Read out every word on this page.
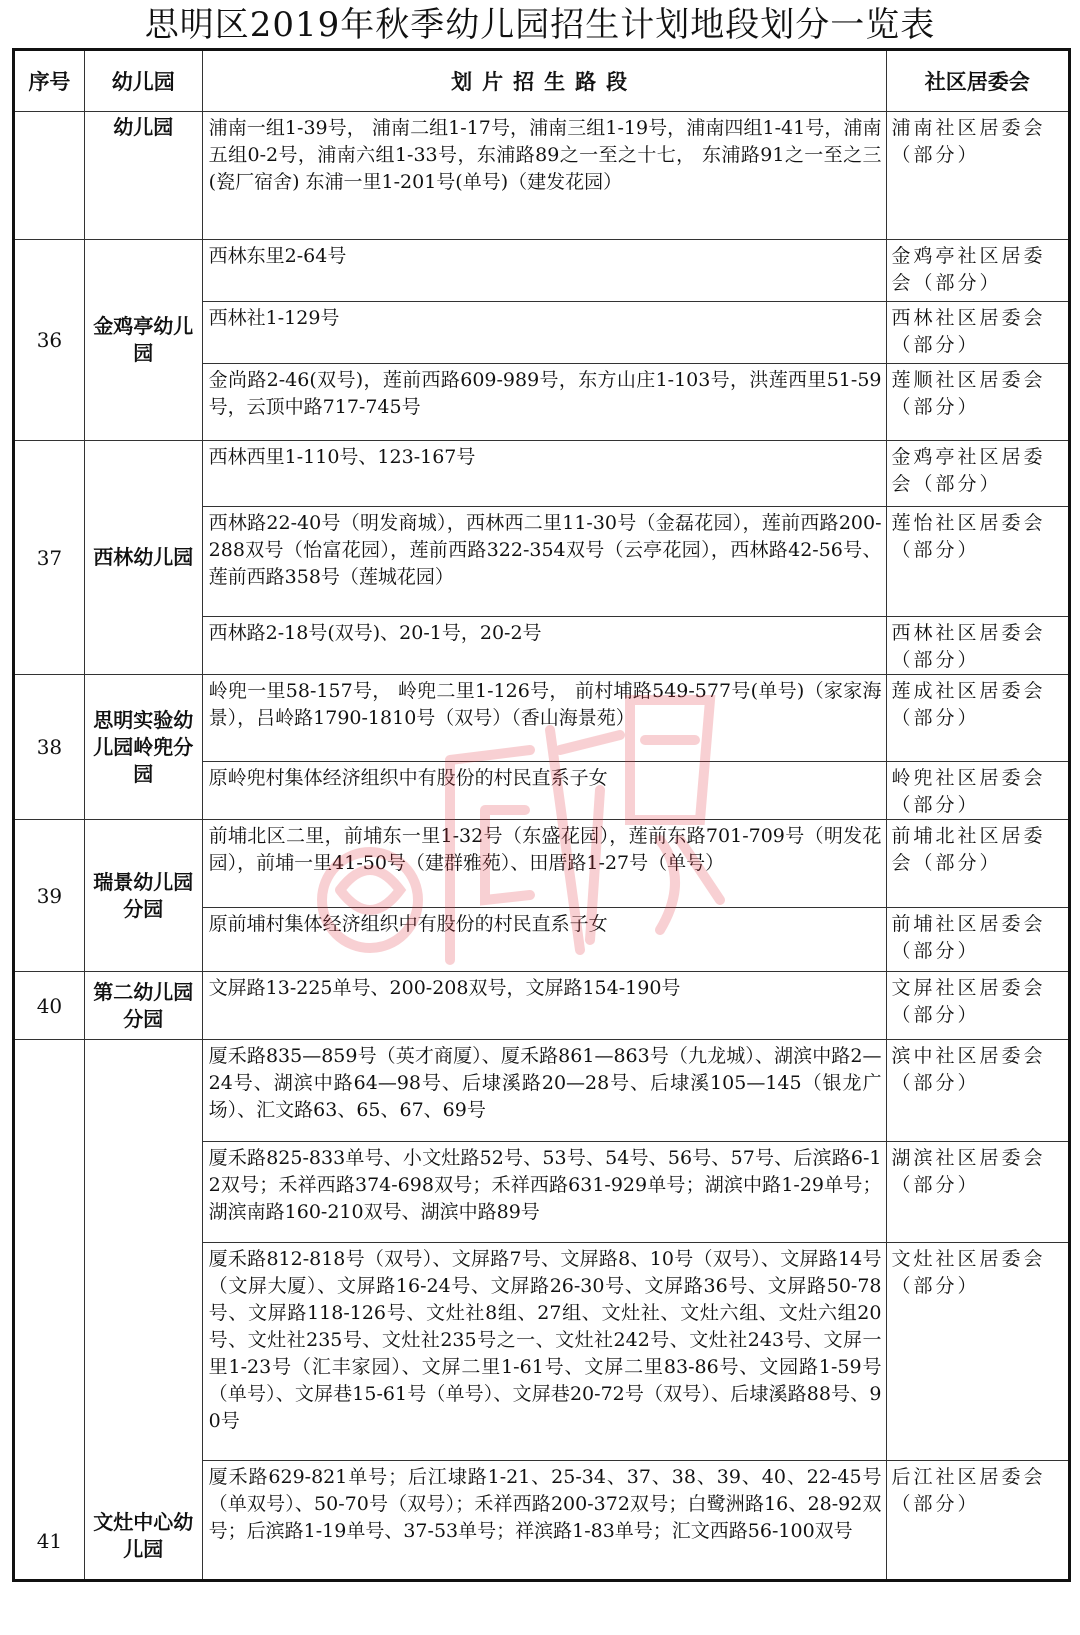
思明区2019年秋季幼儿园招生计划地段划分一览表
序号	幼儿园	划片招生路段	社区居委会
	幼儿园	浦南一组1-39号， 浦南二组1-17号，浦南三组1-19号，浦南四组1-41号，浦南五组0-2号，浦南六组1-33号，东浦路89之一至之十七， 东浦路91之一至之三(瓷厂宿舍) 东浦一里1-201号(单号)（建发花园）	浦南社区居委会（部分）
36	金鸡亭幼儿园	西林东里2-64号	金鸡亭社区居委会（部分）
		西林社1-129号	西林社区居委会（部分）
		金尚路2-46(双号)，莲前西路609-989号，东方山庄1-103号，洪莲西里51-59号，云顶中路717-745号	莲顺社区居委会（部分）
37	西林幼儿园	西林西里1-110号、123-167号	金鸡亭社区居委会（部分）
		西林路22-40号（明发商城），西林西二里11-30号（金磊花园），莲前西路200-288双号（怡富花园），莲前西路322-354双号（云亭花园），西林路42-56号、莲前西路358号（莲城花园）	莲怡社区居委会（部分）
		西林路2-18号(双号)、20-1号，20-2号	西林社区居委会（部分）
38	思明实验幼儿园岭兜分园	岭兜一里58-157号， 岭兜二里1-126号， 前村埔路549-577号(单号)（家家海景），吕岭路1790-1810号（双号）（香山海景苑）	莲成社区居委会（部分）
		原岭兜村集体经济组织中有股份的村民直系子女	岭兜社区居委会（部分）
39	瑞景幼儿园分园	前埔北区二里，前埔东一里1-32号（东盛花园），莲前东路701-709号（明发花园），前埔一里41-50号（建群雅苑）、田厝路1-27号（单号）	前埔北社区居委会（部分）
		原前埔村集体经济组织中有股份的村民直系子女	前埔社区居委会（部分）
40	第二幼儿园分园	文屏路13-225单号、200-208双号，文屏路154-190号	文屏社区居委会（部分）
41	文灶中心幼儿园	厦禾路835—859号（英才商厦）、厦禾路861—863号（九龙城）、湖滨中路2—24号、湖滨中路64—98号、后埭溪路20—28号、后埭溪105—145（银龙广场）、汇文路63、65、67、69号	滨中社区居委会（部分）
		厦禾路825-833单号、小文灶路52号、53号、54号、56号、57号、后滨路6-12双号；禾祥西路374-698双号；禾祥西路631-929单号；湖滨中路1-29单号；湖滨南路160-210双号、湖滨中路89号	湖滨社区居委会（部分）
		厦禾路812-818号（双号）、文屏路7号、文屏路8、10号（双号）、文屏路14号（文屏大厦）、文屏路16-24号、文屏路26-30号、文屏路36号、文屏路50-78号、文屏路118-126号、文灶社8组、27组、文灶社、文灶六组、文灶六组20号、文灶社235号、文灶社235号之一、文灶社242号、文灶社243号、文屏一里1-23号（汇丰家园）、文屏二里1-61号、文屏二里83-86号、文园路1-59号（单号）、文屏巷15-61号（单号）、文屏巷20-72号（双号）、后埭溪路88号、90号	文灶社区居委会（部分）
		厦禾路629-821单号；后江埭路1-21、25-34、37、38、39、40、22-45号（单双号）、50-70号（双号）；禾祥西路200-372双号；白鹭洲路16、28-92双号；后滨路1-19单号、37-53单号；祥滨路1-83单号；汇文西路56-100双号	后江社区居委会（部分）
